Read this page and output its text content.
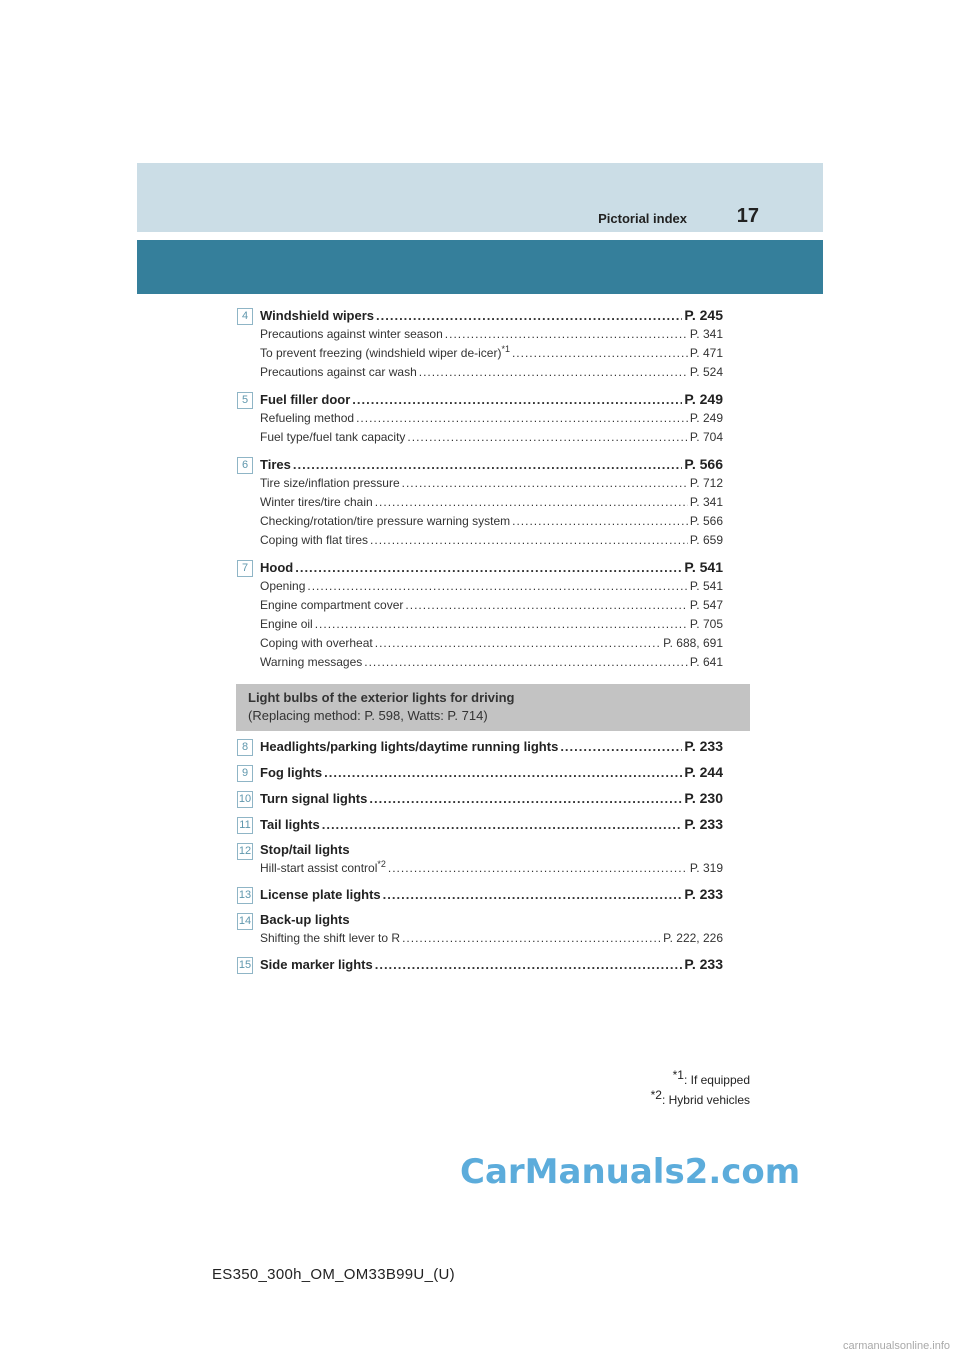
Pictorial index 17
4 Windshield wipers .....	P. 245
Precautions against winter season .....	P. 341
To prevent freezing (windshield wiper de-icer)$^{*1}$ .....	P. 471
Precautions against car wash .....	P. 524
5 Fuel filler door .....	P. 249
Refueling method .....	P. 249
Fuel type/fuel tank capacity .....	P. 704
6 Tires .....	P. 566
Tire size/inflation pressure .....	P. 712
Winter tires/tire chain .....	P. 341
Checking/rotation/tire pressure warning system .....	P. 566
Coping with flat tires .....	P. 659
7 Hood .....	P. 541
Opening .....	P. 541
Engine compartment cover .....	P. 547
Engine oil .....	P. 705
Coping with overheat .....	P. 688, 691
Warning messages .....	P. 641
Light bulbs of the exterior lights for driving
(Replacing method: P. 598, Watts: P. 714)
8 Headlights/parking lights/daytime running lights .....	P. 233
9 Fog lights .....	P. 244
10 Turn signal lights .....	P. 230
11 Tail lights .....	P. 233
12 Stop/tail lights
Hill-start assist control$^{*2}$ .....	P. 319
13 License plate lights .....	P. 233
14 Back-up lights
Shifting the shift lever to R .....	P. 222, 226
15 Side marker lights .....	P. 233
*1: If equipped
*2: Hybrid vehicles
CarManuals2.com
ES350_300h_OM_OM33B99U_(U)
carmanualsonline.info
